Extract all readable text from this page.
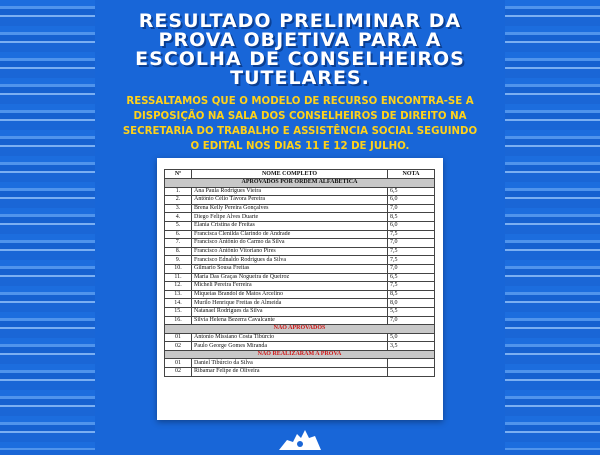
RESULTADO PRELIMINAR DA
PROVA OBJETIVA PARA A
ESCOLHA DE CONSELHEIROS
TUTELARES.
RESSALTAMOS QUE O MODELO DE RECURSO ENCONTRA-SE A
DISPOSIÇÃO NA SALA DOS CONSELHEIROS DE DIREITO NA
SECRETARIA DO TRABALHO E ASSISTÊNCIA SOCIAL SEGUINDO
O EDITAL NOS DIAS 11 E 12 DE JULHO.
Nº	NOME COMPLETO	NOTA
APROVADOS POR ORDEM ALFABETICA		
1.	Ana Paula Rodrigues Vieira	6,5
2.	Antônio Célio Távora Pereira	6,0
3.	Brena Kelly Pereira Gonçalves	7,0
4.	Diego Felipe Alves Duarte	8,5
5.	Elania Cristina de Freitas	6,0
6.	Francisca Clenilda Clarindo de Andrade	7,5
7.	Francisco Antônio do Carmo da Silva	7,0
8.	Francisco Antônio Vitoriano Pires	7,5
9.	Francisco Ednaldo Rodrigues da Silva	7,5
10.	Gilmario Sousa Freitas	7,0
11.	Maria Das Graças Nogueira de Queiroz	6,5
12.	Micheli Pereira Ferreira	7,5
13.	Miqueias Brandol de Matos Arcelino	8,5
14.	Murilo Henrique Freitas de Almeida	8,0
15.	Natanael Rodrigues da Silva	5,5
16.	Silvia Helena Bezerra Cavalcante	7,0
NÃO APROVADOS		
01	Antonio Missiano Costa Tibúrcio	5,0
02	Paulo George Gomes Miranda	3,5
NÃO REALIZARAM A PROVA		
01	Daniel Tibúrcio da Silva	
02	Ribamar Felipe de Oliveira	
